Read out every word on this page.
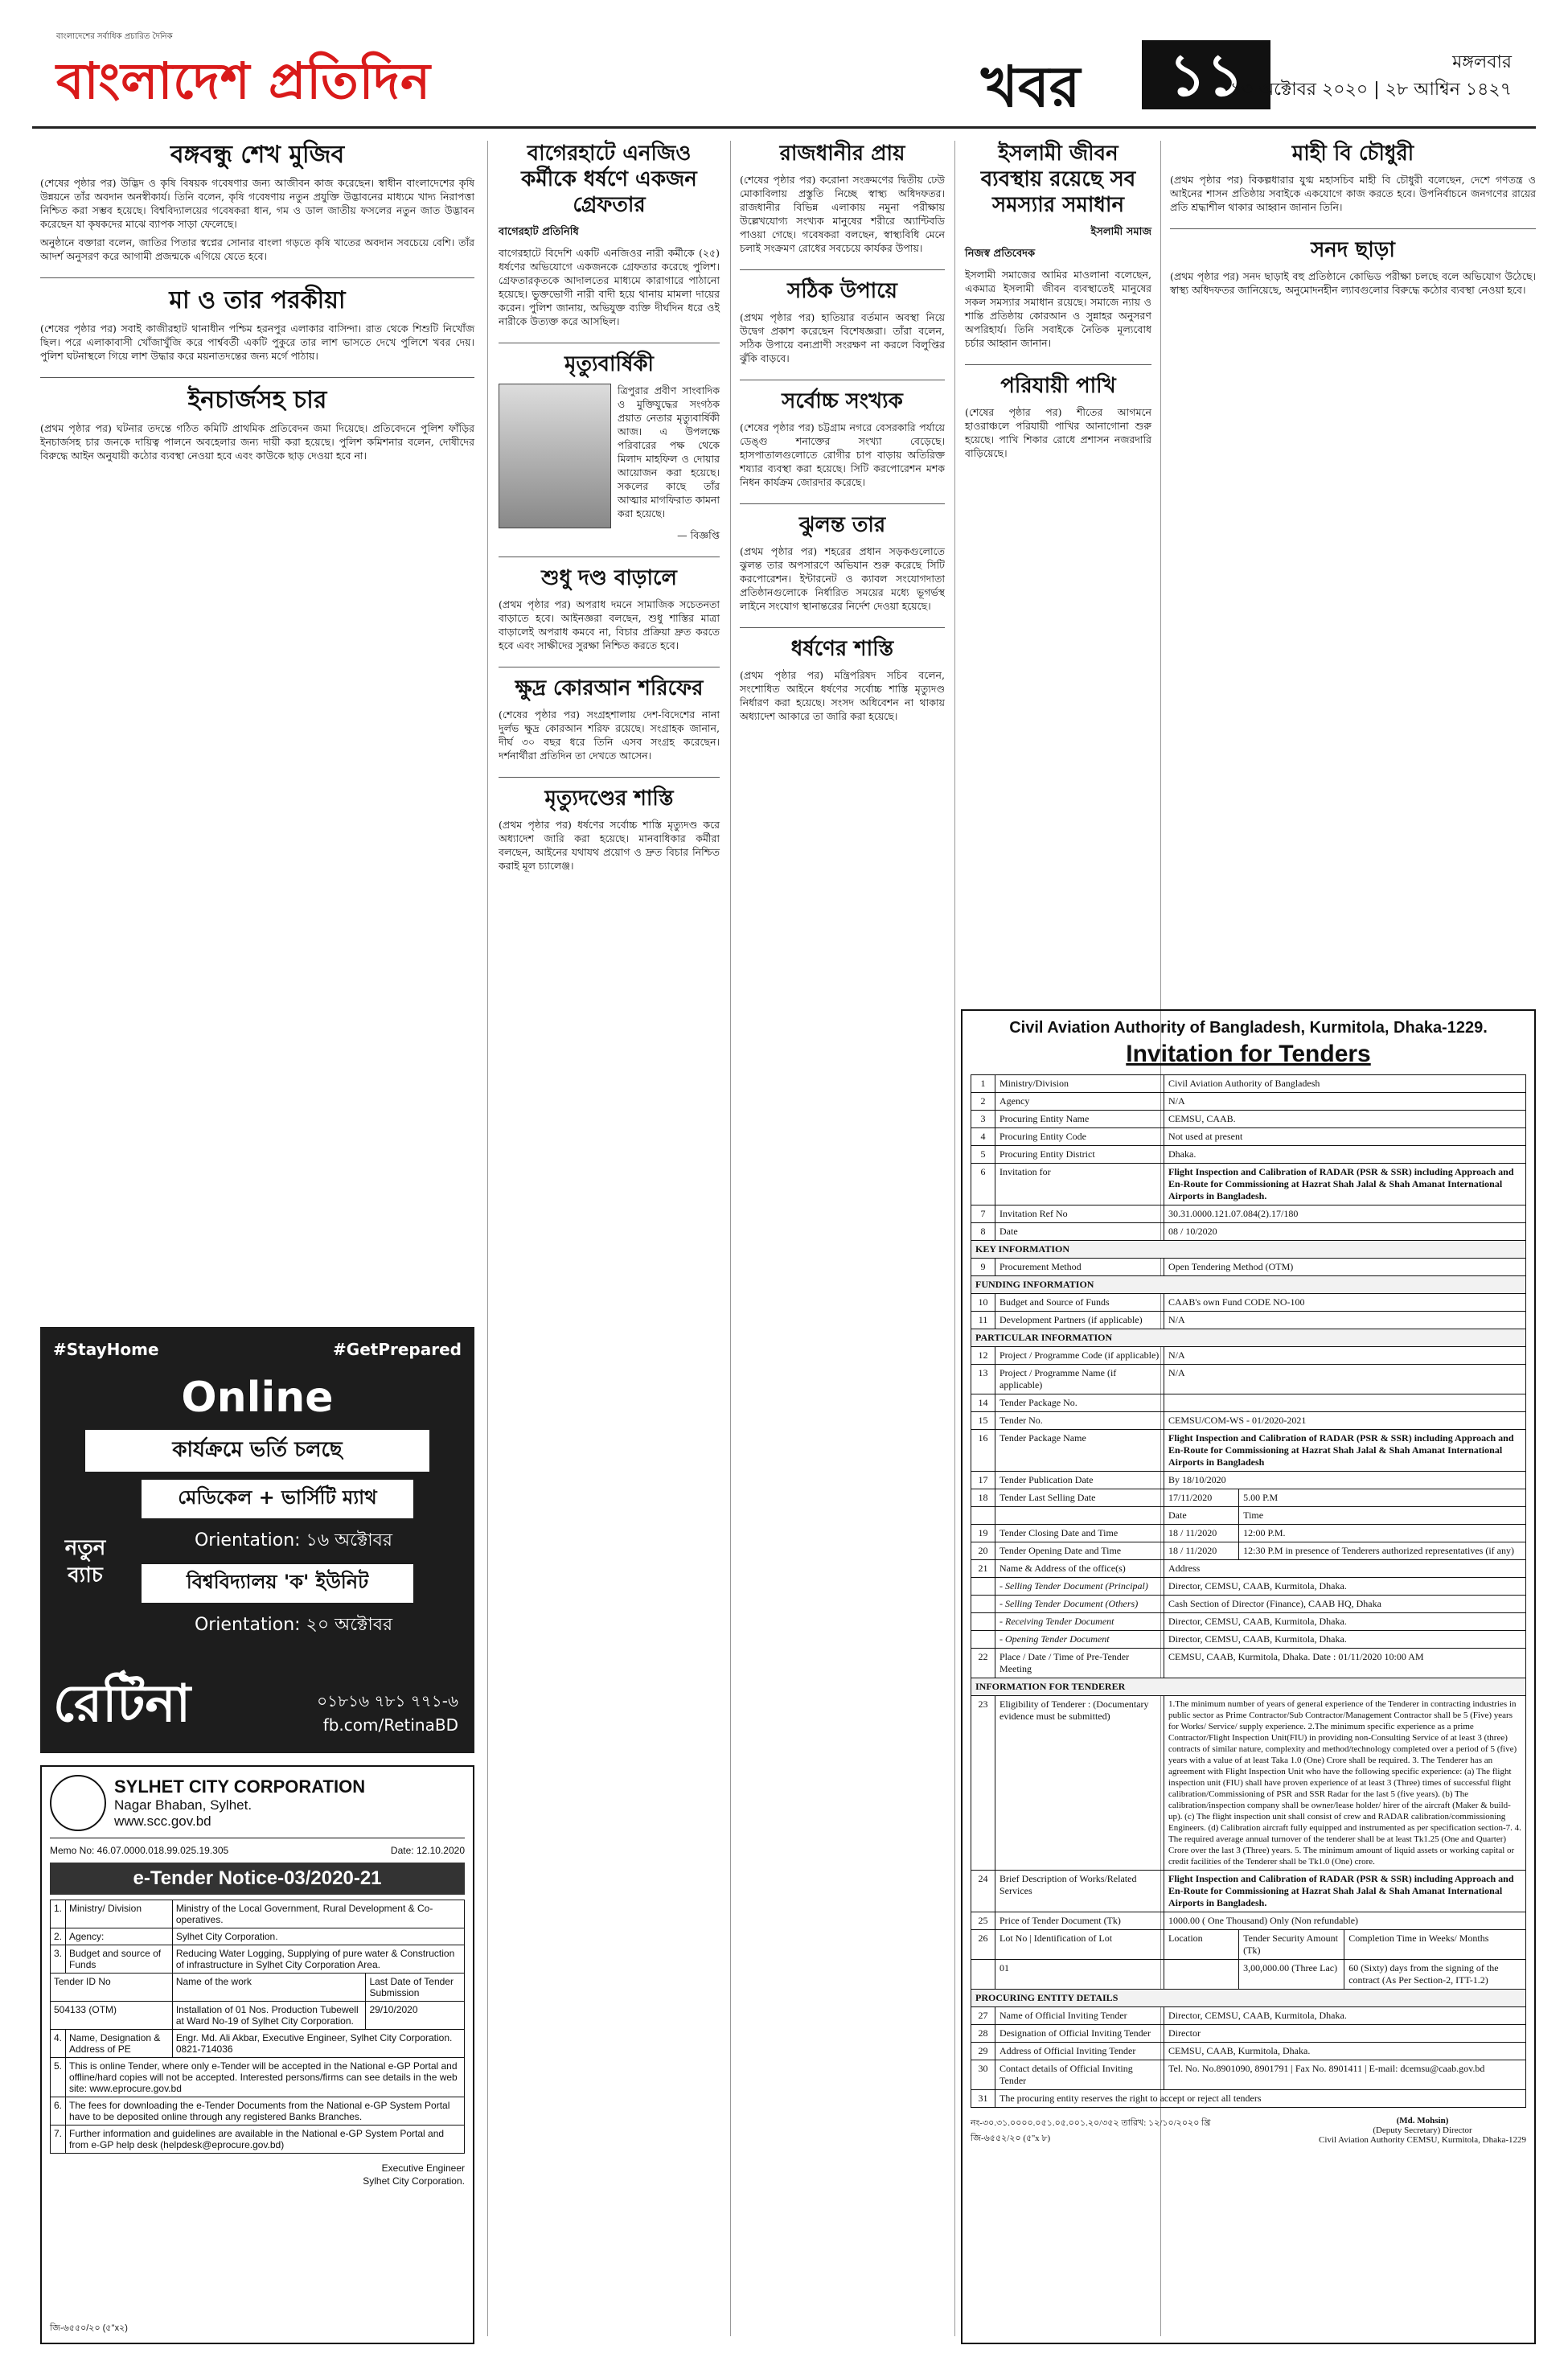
বাংলাদেশের সর্বাধিক প্রচারিত দৈনিক
বাংলাদেশ প্রতিদিন	খবর	১১	মঙ্গলবার
১৩ অক্টোবর ২০২০ | ২৮ আশ্বিন ১৪২৭
বঙ্গবন্ধু শেখ মুজিব

(শেষের পৃষ্ঠার পর) উদ্ভিদ ও কৃষি বিষয়ক গবেষণার জন্য আজীবন কাজ করেছেন। স্বাধীন বাংলাদেশের কৃষি উন্নয়নে তাঁর অবদান অনস্বীকার্য। তিনি বলেন, কৃষি গবেষণায় নতুন প্রযুক্তি উদ্ভাবনের মাধ্যমে খাদ্য নিরাপত্তা নিশ্চিত করা সম্ভব হয়েছে। বিশ্ববিদ্যালয়ের গবেষকরা ধান, গম ও ডাল জাতীয় ফসলের নতুন জাত উদ্ভাবন করেছেন যা কৃষকদের মাঝে ব্যাপক সাড়া ফেলেছে।

অনুষ্ঠানে বক্তারা বলেন, জাতির পিতার স্বপ্নের সোনার বাংলা গড়তে কৃষি খাতের অবদান সবচেয়ে বেশি। তাঁর আদর্শ অনুসরণ করে আগামী প্রজন্মকে এগিয়ে যেতে হবে।

মা ও তার পরকীয়া

(শেষের পৃষ্ঠার পর) সবাই কাজীরহাট থানাধীন পশ্চিম হরনপুর এলাকার বাসিন্দা। রাত থেকে শিশুটি নিখোঁজ ছিল। পরে এলাকাবাসী খোঁজাখুঁজি করে পার্শ্ববর্তী একটি পুকুরে তার লাশ ভাসতে দেখে পুলিশে খবর দেয়। পুলিশ ঘটনাস্থলে গিয়ে লাশ উদ্ধার করে ময়নাতদন্তের জন্য মর্গে পাঠায়।

ইনচার্জসহ চার

(প্রথম পৃষ্ঠার পর) ঘটনার তদন্তে গঠিত কমিটি প্রাথমিক প্রতিবেদন জমা দিয়েছে। প্রতিবেদনে পুলিশ ফাঁড়ির ইনচার্জসহ চার জনকে দায়িত্ব পালনে অবহেলার জন্য দায়ী করা হয়েছে। পুলিশ কমিশনার বলেন, দোষীদের বিরুদ্ধে আইন অনুযায়ী কঠোর ব্যবস্থা নেওয়া হবে এবং কাউকে ছাড় দেওয়া হবে না।

বাগেরহাটে এনজিও কর্মীকে ধর্ষণে একজন গ্রেফতার
বাগেরহাট প্রতিনিধি

বাগেরহাটে বিদেশি একটি এনজিওর নারী কর্মীকে (২৫) ধর্ষণের অভিযোগে একজনকে গ্রেফতার করেছে পুলিশ। গ্রেফতারকৃতকে আদালতের মাধ্যমে কারাগারে পাঠানো হয়েছে। ভুক্তভোগী নারী বাদী হয়ে থানায় মামলা দায়ের করেন। পুলিশ জানায়, অভিযুক্ত ব্যক্তি দীর্ঘদিন ধরে ওই নারীকে উত্যক্ত করে আসছিল।

মৃত্যুবার্ষিকী

ত্রিপুরার প্রবীণ সাংবাদিক ও মুক্তিযুদ্ধের সংগঠক প্রয়াত নেতার মৃত্যুবার্ষিকী আজ। এ উপলক্ষে পরিবারের পক্ষ থেকে মিলাদ মাহফিল ও দোয়ার আয়োজন করা হয়েছে। সকলের কাছে তাঁর আত্মার মাগফিরাত কামনা করা হয়েছে।

— বিজ্ঞপ্তি

শুধু দণ্ড বাড়ালে

(প্রথম পৃষ্ঠার পর) অপরাধ দমনে সামাজিক সচেতনতা বাড়াতে হবে। আইনজ্ঞরা বলছেন, শুধু শাস্তির মাত্রা বাড়ালেই অপরাধ কমবে না, বিচার প্রক্রিয়া দ্রুত করতে হবে এবং সাক্ষীদের সুরক্ষা নিশ্চিত করতে হবে।

ক্ষুদ্র কোরআন শরিফের

(শেষের পৃষ্ঠার পর) সংগ্রহশালায় দেশ-বিদেশের নানা দুর্লভ ক্ষুদ্র কোরআন শরিফ রয়েছে। সংগ্রাহক জানান, দীর্ঘ ৩০ বছর ধরে তিনি এসব সংগ্রহ করেছেন। দর্শনার্থীরা প্রতিদিন তা দেখতে আসেন।

মৃত্যুদণ্ডের শাস্তি

(প্রথম পৃষ্ঠার পর) ধর্ষণের সর্বোচ্চ শাস্তি মৃত্যুদণ্ড করে অধ্যাদেশ জারি করা হয়েছে। মানবাধিকার কর্মীরা বলছেন, আইনের যথাযথ প্রয়োগ ও দ্রুত বিচার নিশ্চিত করাই মূল চ্যালেঞ্জ।

রাজধানীর প্রায়

(শেষের পৃষ্ঠার পর) করোনা সংক্রমণের দ্বিতীয় ঢেউ মোকাবিলায় প্রস্তুতি নিচ্ছে স্বাস্থ্য অধিদফতর। রাজধানীর বিভিন্ন এলাকায় নমুনা পরীক্ষায় উল্লেখযোগ্য সংখ্যক মানুষের শরীরে অ্যান্টিবডি পাওয়া গেছে। গবেষকরা বলছেন, স্বাস্থ্যবিধি মেনে চলাই সংক্রমণ রোধের সবচেয়ে কার্যকর উপায়।

সঠিক উপায়ে

(প্রথম পৃষ্ঠার পর) হাতিয়ার বর্তমান অবস্থা নিয়ে উদ্বেগ প্রকাশ করেছেন বিশেষজ্ঞরা। তাঁরা বলেন, সঠিক উপায়ে বন্যপ্রাণী সংরক্ষণ না করলে বিলুপ্তির ঝুঁকি বাড়বে।

সর্বোচ্চ সংখ্যক

(শেষের পৃষ্ঠার পর) চট্টগ্রাম নগরে বেসরকারি পর্যায়ে ডেঙ্গু শনাক্তের সংখ্যা বেড়েছে। হাসপাতালগুলোতে রোগীর চাপ বাড়ায় অতিরিক্ত শয্যার ব্যবস্থা করা হয়েছে। সিটি করপোরেশন মশক নিধন কার্যক্রম জোরদার করেছে।

ঝুলন্ত তার

(প্রথম পৃষ্ঠার পর) শহরের প্রধান সড়কগুলোতে ঝুলন্ত তার অপসারণে অভিযান শুরু করেছে সিটি করপোরেশন। ইন্টারনেট ও ক্যাবল সংযোগদাতা প্রতিষ্ঠানগুলোকে নির্ধারিত সময়ের মধ্যে ভূগর্ভস্থ লাইনে সংযোগ স্থানান্তরের নির্দেশ দেওয়া হয়েছে।

ধর্ষণের শাস্তি

(প্রথম পৃষ্ঠার পর) মন্ত্রিপরিষদ সচিব বলেন, সংশোধিত আইনে ধর্ষণের সর্বোচ্চ শাস্তি মৃত্যুদণ্ড নির্ধারণ করা হয়েছে। সংসদ অধিবেশন না থাকায় অধ্যাদেশ আকারে তা জারি করা হয়েছে।

ইসলামী জীবন ব্যবস্থায় রয়েছে সব সমস্যার সমাধান
ইসলামী সমাজ
নিজস্ব প্রতিবেদক

ইসলামী সমাজের আমির মাওলানা বলেছেন, একমাত্র ইসলামী জীবন ব্যবস্থাতেই মানুষের সকল সমস্যার সমাধান রয়েছে। সমাজে ন্যায় ও শান্তি প্রতিষ্ঠায় কোরআন ও সুন্নাহর অনুসরণ অপরিহার্য। তিনি সবাইকে নৈতিক মূল্যবোধ চর্চার আহ্বান জানান।

পরিযায়ী পাখি

(শেষের পৃষ্ঠার পর) শীতের আগমনে হাওরাঞ্চলে পরিযায়ী পাখির আনাগোনা শুরু হয়েছে। পাখি শিকার রোধে প্রশাসন নজরদারি বাড়িয়েছে।

মাহী বি চৌধুরী

(প্রথম পৃষ্ঠার পর) বিকল্পধারার যুগ্ম মহাসচিব মাহী বি চৌধুরী বলেছেন, দেশে গণতন্ত্র ও আইনের শাসন প্রতিষ্ঠায় সবাইকে একযোগে কাজ করতে হবে। উপনির্বাচনে জনগণের রায়ের প্রতি শ্রদ্ধাশীল থাকার আহ্বান জানান তিনি।

সনদ ছাড়া

(প্রথম পৃষ্ঠার পর) সনদ ছাড়াই বহু প্রতিষ্ঠানে কোভিড পরীক্ষা চলছে বলে অভিযোগ উঠেছে। স্বাস্থ্য অধিদফতর জানিয়েছে, অনুমোদনহীন ল্যাবগুলোর বিরুদ্ধে কঠোর ব্যবস্থা নেওয়া হবে।

#StayHome	#GetPrepared
Online
কার্যক্রমে ভর্তি চলছে
মেডিকেল + ভার্সিটি ম্যাথ
Orientation: ১৬ অক্টোবর
নতুন ব্যাচ	বিশ্ববিদ্যালয় 'ক' ইউনিট
Orientation: ২০ অক্টোবর
রেটিনা	০১৮১৬ ৭৮১ ৭৭১-৬
fb.com/RetinaBD
SYLHET CITY CORPORATION
Nagar Bhaban, Sylhet.
www.scc.gov.bd
Memo No: 46.07.0000.018.99.025.19.305	Date: 12.10.2020
e-Tender Notice-03/2020-21
1.	Ministry/ Division	Ministry of the Local Government, Rural Development & Co-operatives.	
2.	Agency:	Sylhet City Corporation.	
3.	Budget and source of Funds	Reducing Water Logging, Supplying of pure water & Construction of infrastructure in Sylhet City Corporation Area.	
Tender ID No		Name of the work	Last Date of Tender Submission
504133 (OTM)		Installation of 01 Nos. Production Tubewell at Ward No-19 of Sylhet City Corporation.	29/10/2020
4.	Name, Designation & Address of PE	Engr. Md. Ali Akbar, Executive Engineer, Sylhet City Corporation. 0821-714036	
5.	This is online Tender, where only e-Tender will be accepted in the National e-GP Portal and offline/hard copies will not be accepted. Interested persons/firms can see details in the web site: www.eprocure.gov.bd		
6.	The fees for downloading the e-Tender Documents from the National e-GP System Portal have to be deposited online through any registered Banks Branches.		
7.	Further information and guidelines are available in the National e-GP System Portal and from e-GP help desk (helpdesk@eprocure.gov.bd)		
Executive Engineer
Sylhet City Corporation.
জি-৬৫৫০/২০ (৫''x২)
Civil Aviation Authority of Bangladesh, Kurmitola, Dhaka-1229.
Invitation for Tenders
1	Ministry/Division	Civil Aviation Authority of Bangladesh		
2	Agency	N/A		
3	Procuring Entity Name	CEMSU, CAAB.		
4	Procuring Entity Code	Not used at present		
5	Procuring Entity District	Dhaka.		
6	Invitation for	Flight Inspection and Calibration of RADAR (PSR & SSR) including Approach and En-Route for Commissioning at Hazrat Shah Jalal & Shah Amanat International Airports in Bangladesh.		
7	Invitation Ref No	30.31.0000.121.07.084(2).17/180		
8	Date	08 / 10/2020		
KEY INFORMATION				
9	Procurement Method	Open Tendering Method (OTM)		
FUNDING INFORMATION				
10	Budget and Source of Funds	CAAB's own Fund CODE NO-100		
11	Development Partners (if applicable)	N/A		
PARTICULAR INFORMATION				
12	Project / Programme Code (if applicable)	N/A		
13	Project / Programme Name (if applicable)	N/A		
14	Tender Package No.			
15	Tender No.	CEMSU/COM-WS - 01/2020-2021		
16	Tender Package Name	Flight Inspection and Calibration of RADAR (PSR & SSR) including Approach and En-Route for Commissioning at Hazrat Shah Jalal & Shah Amanat International Airports in Bangladesh		
17	Tender Publication Date	By 18/10/2020		
18	Tender Last Selling Date	17/11/2020	5.00 P.M	
		Date	Time	
19	Tender Closing Date and Time	18 / 11/2020	12:00 P.M.	
20	Tender Opening Date and Time	18 / 11/2020	12:30 P.M in presence of Tenderers authorized representatives (if any)	
21	Name & Address of the office(s)	Address		
	- Selling Tender Document (Principal)	Director, CEMSU, CAAB, Kurmitola, Dhaka.		
	- Selling Tender Document (Others)	Cash Section of Director (Finance), CAAB HQ, Dhaka		
	- Receiving Tender Document	Director, CEMSU, CAAB, Kurmitola, Dhaka.		
	- Opening Tender Document	Director, CEMSU, CAAB, Kurmitola, Dhaka.		
22	Place / Date / Time of Pre-Tender Meeting	CEMSU, CAAB, Kurmitola, Dhaka. Date : 01/11/2020 10:00 AM		
INFORMATION FOR TENDERER				
23	Eligibility of Tenderer : (Documentary evidence must be submitted)	1.The minimum number of years of general experience of the Tenderer in contracting industries in public sector as Prime Contractor/Sub Contractor/Management Contractor shall be 5 (Five) years for Works/ Service/ supply experience. 2.The minimum specific experience as a prime Contractor/Flight Inspection Unit(FIU) in providing non-Consulting Service of at least 3 (three) contracts of similar nature, complexity and method/technology completed over a period of 5 (five) years with a value of at least Taka 1.0 (One) Crore shall be required. 3. The Tenderer has an agreement with Flight Inspection Unit who have the following specific experience: (a) The flight inspection unit (FIU) shall have proven experience of at least 3 (Three) times of successful flight calibration/Commissioning of PSR and SSR Radar for the last 5 (five years). (b) The calibration/inspection company shall be owner/lease holder/ hirer of the aircraft (Maker & build-up). (c) The flight inspection unit shall consist of crew and RADAR calibration/commissioning Engineers. (d) Calibration aircraft fully equipped and instrumented as per specification section-7. 4. The required average annual turnover of the tenderer shall be at least Tk1.25 (One and Quarter) Crore over the last 3 (Three) years. 5. The minimum amount of liquid assets or working capital or credit facilities of the Tenderer shall be Tk1.0 (One) crore.		
24	Brief Description of Works/Related Services	Flight Inspection and Calibration of RADAR (PSR & SSR) including Approach and En-Route for Commissioning at Hazrat Shah Jalal & Shah Amanat International Airports in Bangladesh.		
25	Price of Tender Document (Tk)	1000.00 ( One Thousand) Only (Non refundable)		
26	Lot No | Identification of Lot	Location	Tender Security Amount (Tk)	Completion Time in Weeks/ Months
	01		3,00,000.00 (Three Lac)	60 (Sixty) days from the signing of the contract (As Per Section-2, ITT-1.2)
PROCURING ENTITY DETAILS				
27	Name of Official Inviting Tender	Director, CEMSU, CAAB, Kurmitola, Dhaka.		
28	Designation of Official Inviting Tender	Director		
29	Address of Official Inviting Tender	CEMSU, CAAB, Kurmitola, Dhaka.		
30	Contact details of Official Inviting Tender	Tel. No. No.8901090, 8901791 | Fax No. 8901411 | E-mail: dcemsu@caab.gov.bd		
31	The procuring entity reserves the right to accept or reject all tenders			
নং-৩০.৩১.০০০০.০৫১.০৫.০০১.২০/৩৫২ তারিখ: ১২/১০/২০২০ খ্রি
জি-৬৫৫২/২০ (৫''x ৮)
(Md. Mohsin)
(Deputy Secretary) Director
Civil Aviation Authority CEMSU, Kurmitola, Dhaka-1229
